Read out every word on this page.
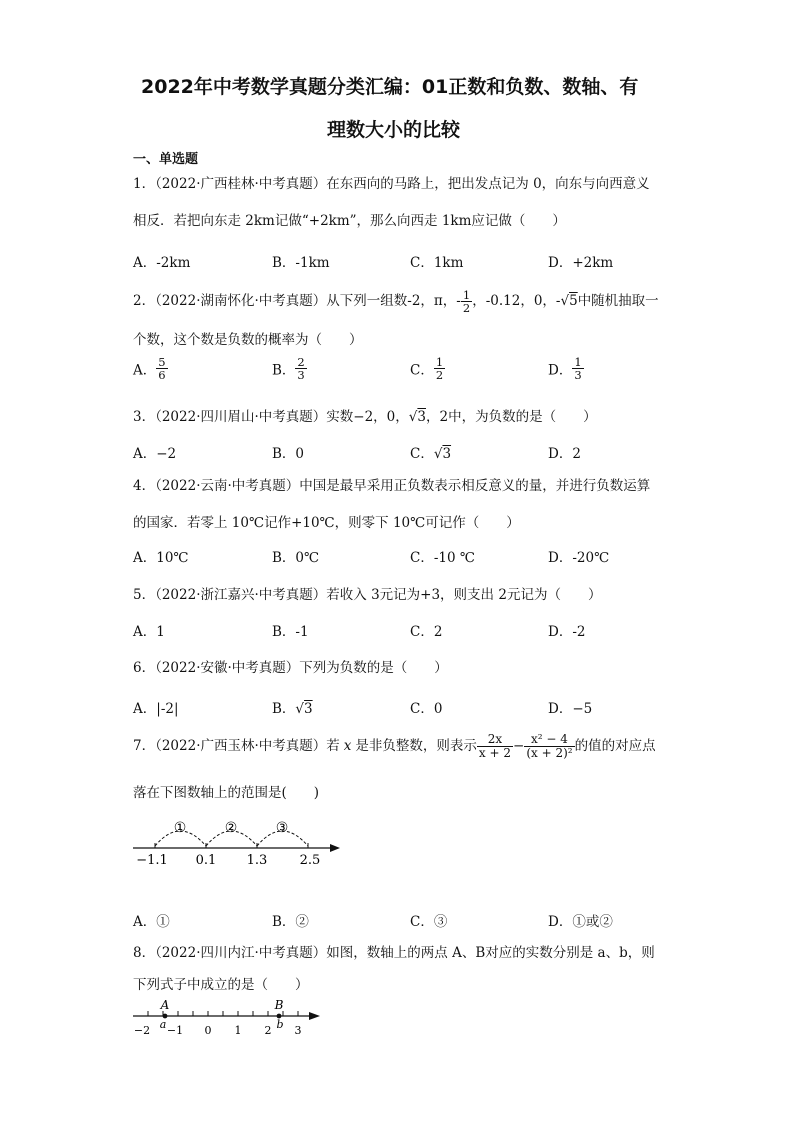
2022年中考数学真题分类汇编：01正数和负数、数轴、有
理数大小的比较
一、单选题
1．（2022·广西桂林·中考真题）在东西向的马路上，把出发点记为 0，向东与向西意义
相反．若把向东走 2km记做“+2km”，那么向西走 1km应记做（　　）
A．-2km	B．-1km	C．1km	D．+2km
2．（2022·湖南怀化·中考真题）从下列一组数-2，π，- $\frac{1}{2}$ ，-0.12，0，-√5中随机抽取一
个数，这个数是负数的概率为（　　）
A． $\frac{5}{6}$	B． $\frac{2}{3}$	C． $\frac{1}{2}$	D． $\frac{1}{3}$
3．（2022·四川眉山·中考真题）实数−2，0，√3，2中，为负数的是（　　）
A．−2	B．0	C．√3	D．2
4．（2022·云南·中考真题）中国是最早采用正负数表示相反意义的量，并进行负数运算
的国家．若零上 10℃记作+10℃，则零下 10℃可记作（　　）
A．10℃	B．0℃	C．-10 ℃	D．-20℃
5．（2022·浙江嘉兴·中考真题）若收入 3元记为+3，则支出 2元记为（　　）
A．1	B．-1	C．2	D．-2
6．（2022·安徽·中考真题）下列为负数的是（　　）
A．|-2|	B．√3	C．0	D．−5
7．（2022·广西玉林·中考真题）若 x 是非负整数，则表示 $\frac{2x}{x + 2} - \frac{\text{x² − 4}}{\text{(x + 2)²}}$ 的值的对应点
落在下图数轴上的范围是(　　)
①	②	③
−1.1 0.1 1.3 2.5
A．①	B．②	C．③	D．①或②
8．（2022·四川内江·中考真题）如图，数轴上的两点 A、B对应的实数分别是 a、b，则
下列式子中成立的是（　　）
A	B
a	b
−2 −1 0 1 2 3
